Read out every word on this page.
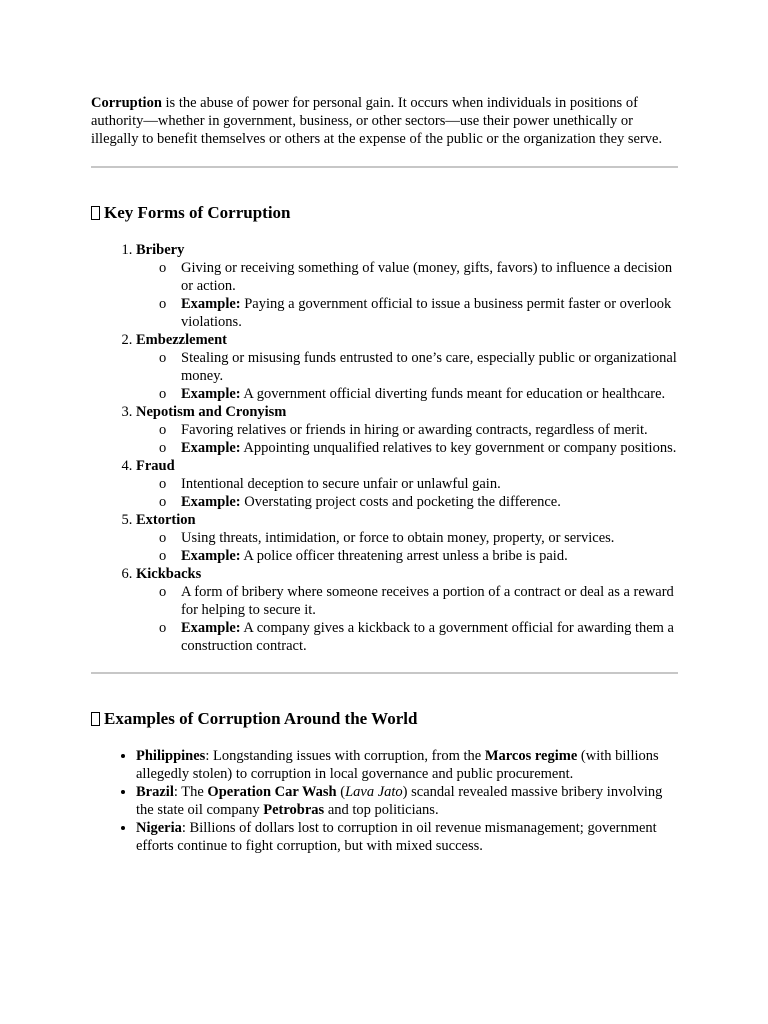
Corruption is the abuse of power for personal gain. It occurs when individuals in positions of authority—whether in government, business, or other sectors—use their power unethically or illegally to benefit themselves or others at the expense of the public or the organization they serve.

Key Forms of Corruption
1. Bribery
o Giving or receiving something of value (money, gifts, favors) to influence a decision or action.
o Example: Paying a government official to issue a business permit faster or overlook violations.
2. Embezzlement
o Stealing or misusing funds entrusted to one’s care, especially public or organizational money.
o Example: A government official diverting funds meant for education or healthcare.
3. Nepotism and Cronyism
o Favoring relatives or friends in hiring or awarding contracts, regardless of merit.
o Example: Appointing unqualified relatives to key government or company positions.
4. Fraud
o Intentional deception to secure unfair or unlawful gain.
o Example: Overstating project costs and pocketing the difference.
5. Extortion
o Using threats, intimidation, or force to obtain money, property, or services.
o Example: A police officer threatening arrest unless a bribe is paid.
6. Kickbacks
o A form of bribery where someone receives a portion of a contract or deal as a reward for helping to secure it.
o Example: A company gives a kickback to a government official for awarding them a construction contract.
Examples of Corruption Around the World
• Philippines: Longstanding issues with corruption, from the Marcos regime (with billions allegedly stolen) to corruption in local governance and public procurement.
• Brazil: The Operation Car Wash (Lava Jato) scandal revealed massive bribery involving the state oil company Petrobras and top politicians.
• Nigeria: Billions of dollars lost to corruption in oil revenue mismanagement; government efforts continue to fight corruption, but with mixed success.
